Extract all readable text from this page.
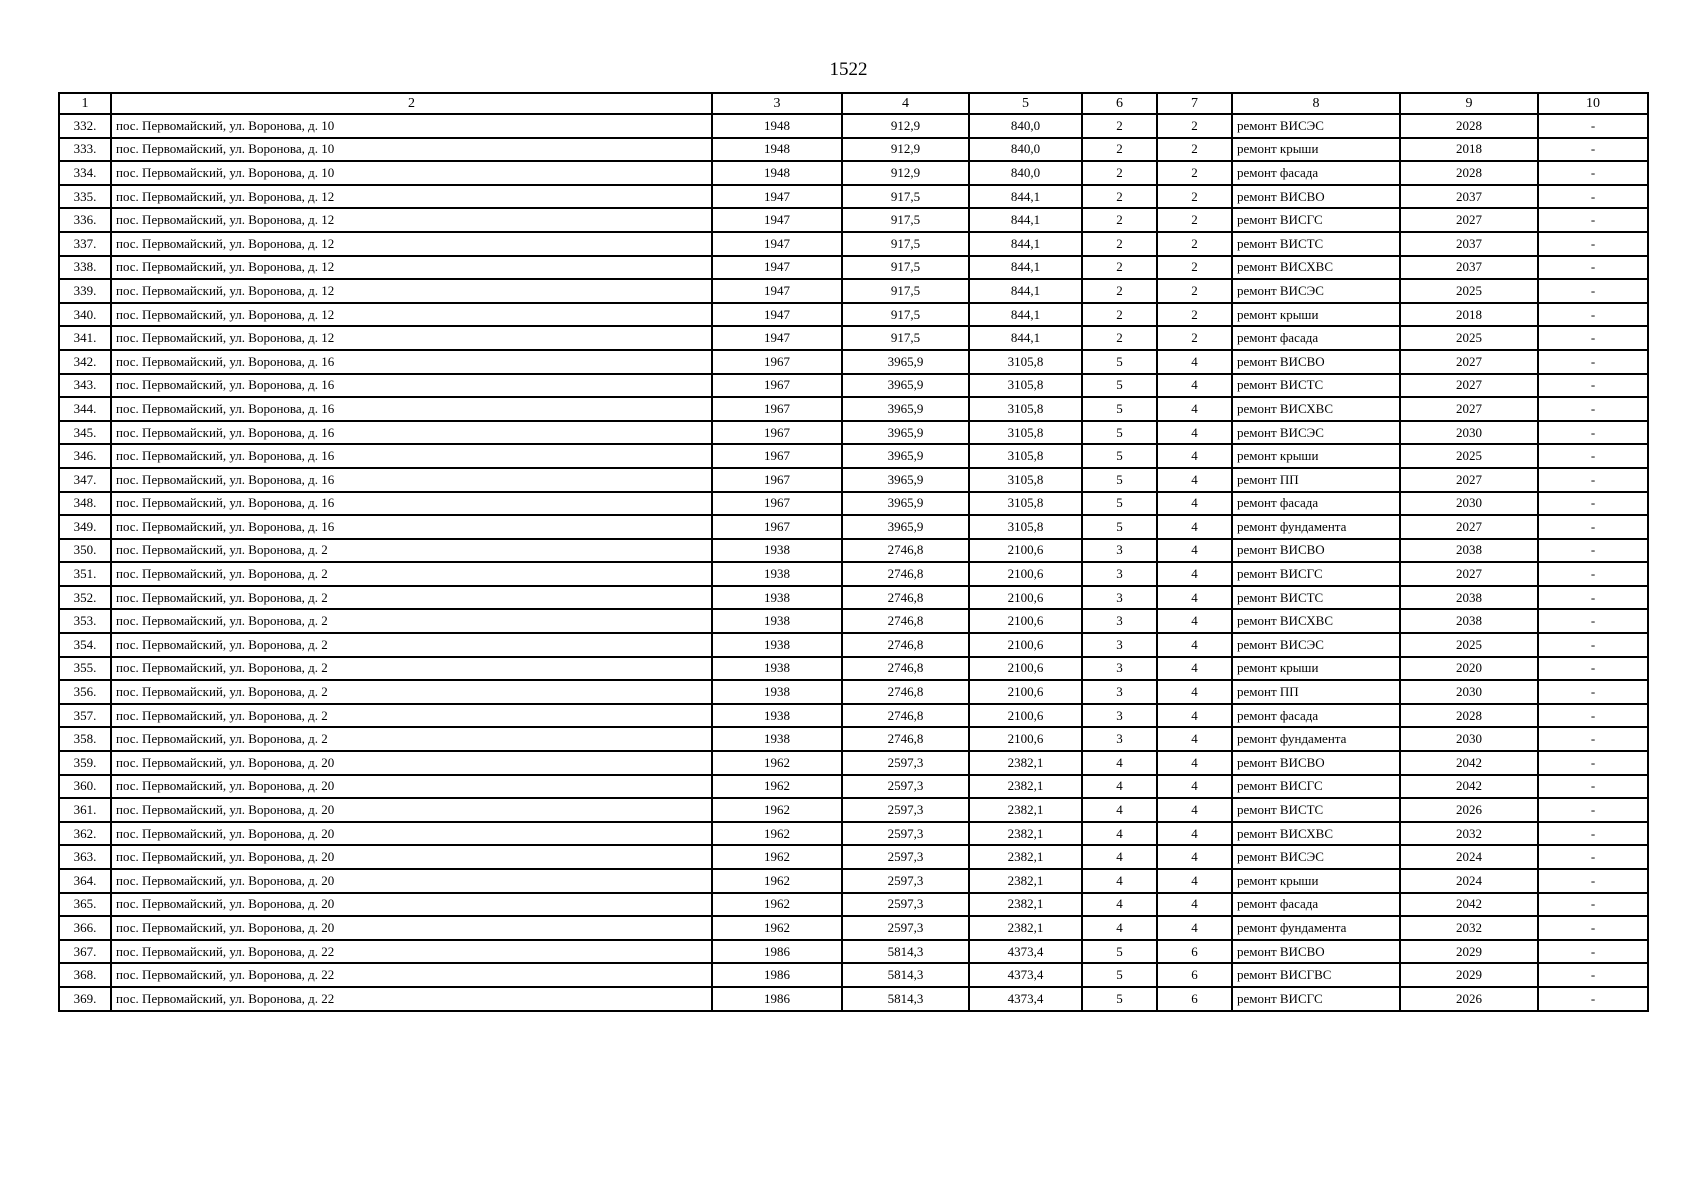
1522
1	2	3	4	5	6	7	8	9	10
332.	пос. Первомайский, ул. Воронова, д. 10	1948	912,9	840,0	2	2	ремонт ВИСЭС	2028	-
333.	пос. Первомайский, ул. Воронова, д. 10	1948	912,9	840,0	2	2	ремонт крыши	2018	-
334.	пос. Первомайский, ул. Воронова, д. 10	1948	912,9	840,0	2	2	ремонт фасада	2028	-
335.	пос. Первомайский, ул. Воронова, д. 12	1947	917,5	844,1	2	2	ремонт ВИСВО	2037	-
336.	пос. Первомайский, ул. Воронова, д. 12	1947	917,5	844,1	2	2	ремонт ВИСГС	2027	-
337.	пос. Первомайский, ул. Воронова, д. 12	1947	917,5	844,1	2	2	ремонт ВИСТС	2037	-
338.	пос. Первомайский, ул. Воронова, д. 12	1947	917,5	844,1	2	2	ремонт ВИСХВС	2037	-
339.	пос. Первомайский, ул. Воронова, д. 12	1947	917,5	844,1	2	2	ремонт ВИСЭС	2025	-
340.	пос. Первомайский, ул. Воронова, д. 12	1947	917,5	844,1	2	2	ремонт крыши	2018	-
341.	пос. Первомайский, ул. Воронова, д. 12	1947	917,5	844,1	2	2	ремонт фасада	2025	-
342.	пос. Первомайский, ул. Воронова, д. 16	1967	3965,9	3105,8	5	4	ремонт ВИСВО	2027	-
343.	пос. Первомайский, ул. Воронова, д. 16	1967	3965,9	3105,8	5	4	ремонт ВИСТС	2027	-
344.	пос. Первомайский, ул. Воронова, д. 16	1967	3965,9	3105,8	5	4	ремонт ВИСХВС	2027	-
345.	пос. Первомайский, ул. Воронова, д. 16	1967	3965,9	3105,8	5	4	ремонт ВИСЭС	2030	-
346.	пос. Первомайский, ул. Воронова, д. 16	1967	3965,9	3105,8	5	4	ремонт крыши	2025	-
347.	пос. Первомайский, ул. Воронова, д. 16	1967	3965,9	3105,8	5	4	ремонт ПП	2027	-
348.	пос. Первомайский, ул. Воронова, д. 16	1967	3965,9	3105,8	5	4	ремонт фасада	2030	-
349.	пос. Первомайский, ул. Воронова, д. 16	1967	3965,9	3105,8	5	4	ремонт фундамента	2027	-
350.	пос. Первомайский, ул. Воронова, д. 2	1938	2746,8	2100,6	3	4	ремонт ВИСВО	2038	-
351.	пос. Первомайский, ул. Воронова, д. 2	1938	2746,8	2100,6	3	4	ремонт ВИСГС	2027	-
352.	пос. Первомайский, ул. Воронова, д. 2	1938	2746,8	2100,6	3	4	ремонт ВИСТС	2038	-
353.	пос. Первомайский, ул. Воронова, д. 2	1938	2746,8	2100,6	3	4	ремонт ВИСХВС	2038	-
354.	пос. Первомайский, ул. Воронова, д. 2	1938	2746,8	2100,6	3	4	ремонт ВИСЭС	2025	-
355.	пос. Первомайский, ул. Воронова, д. 2	1938	2746,8	2100,6	3	4	ремонт крыши	2020	-
356.	пос. Первомайский, ул. Воронова, д. 2	1938	2746,8	2100,6	3	4	ремонт ПП	2030	-
357.	пос. Первомайский, ул. Воронова, д. 2	1938	2746,8	2100,6	3	4	ремонт фасада	2028	-
358.	пос. Первомайский, ул. Воронова, д. 2	1938	2746,8	2100,6	3	4	ремонт фундамента	2030	-
359.	пос. Первомайский, ул. Воронова, д. 20	1962	2597,3	2382,1	4	4	ремонт ВИСВО	2042	-
360.	пос. Первомайский, ул. Воронова, д. 20	1962	2597,3	2382,1	4	4	ремонт ВИСГС	2042	-
361.	пос. Первомайский, ул. Воронова, д. 20	1962	2597,3	2382,1	4	4	ремонт ВИСТС	2026	-
362.	пос. Первомайский, ул. Воронова, д. 20	1962	2597,3	2382,1	4	4	ремонт ВИСХВС	2032	-
363.	пос. Первомайский, ул. Воронова, д. 20	1962	2597,3	2382,1	4	4	ремонт ВИСЭС	2024	-
364.	пос. Первомайский, ул. Воронова, д. 20	1962	2597,3	2382,1	4	4	ремонт крыши	2024	-
365.	пос. Первомайский, ул. Воронова, д. 20	1962	2597,3	2382,1	4	4	ремонт фасада	2042	-
366.	пос. Первомайский, ул. Воронова, д. 20	1962	2597,3	2382,1	4	4	ремонт фундамента	2032	-
367.	пос. Первомайский, ул. Воронова, д. 22	1986	5814,3	4373,4	5	6	ремонт ВИСВО	2029	-
368.	пос. Первомайский, ул. Воронова, д. 22	1986	5814,3	4373,4	5	6	ремонт ВИСГВС	2029	-
369.	пос. Первомайский, ул. Воронова, д. 22	1986	5814,3	4373,4	5	6	ремонт ВИСГС	2026	-
